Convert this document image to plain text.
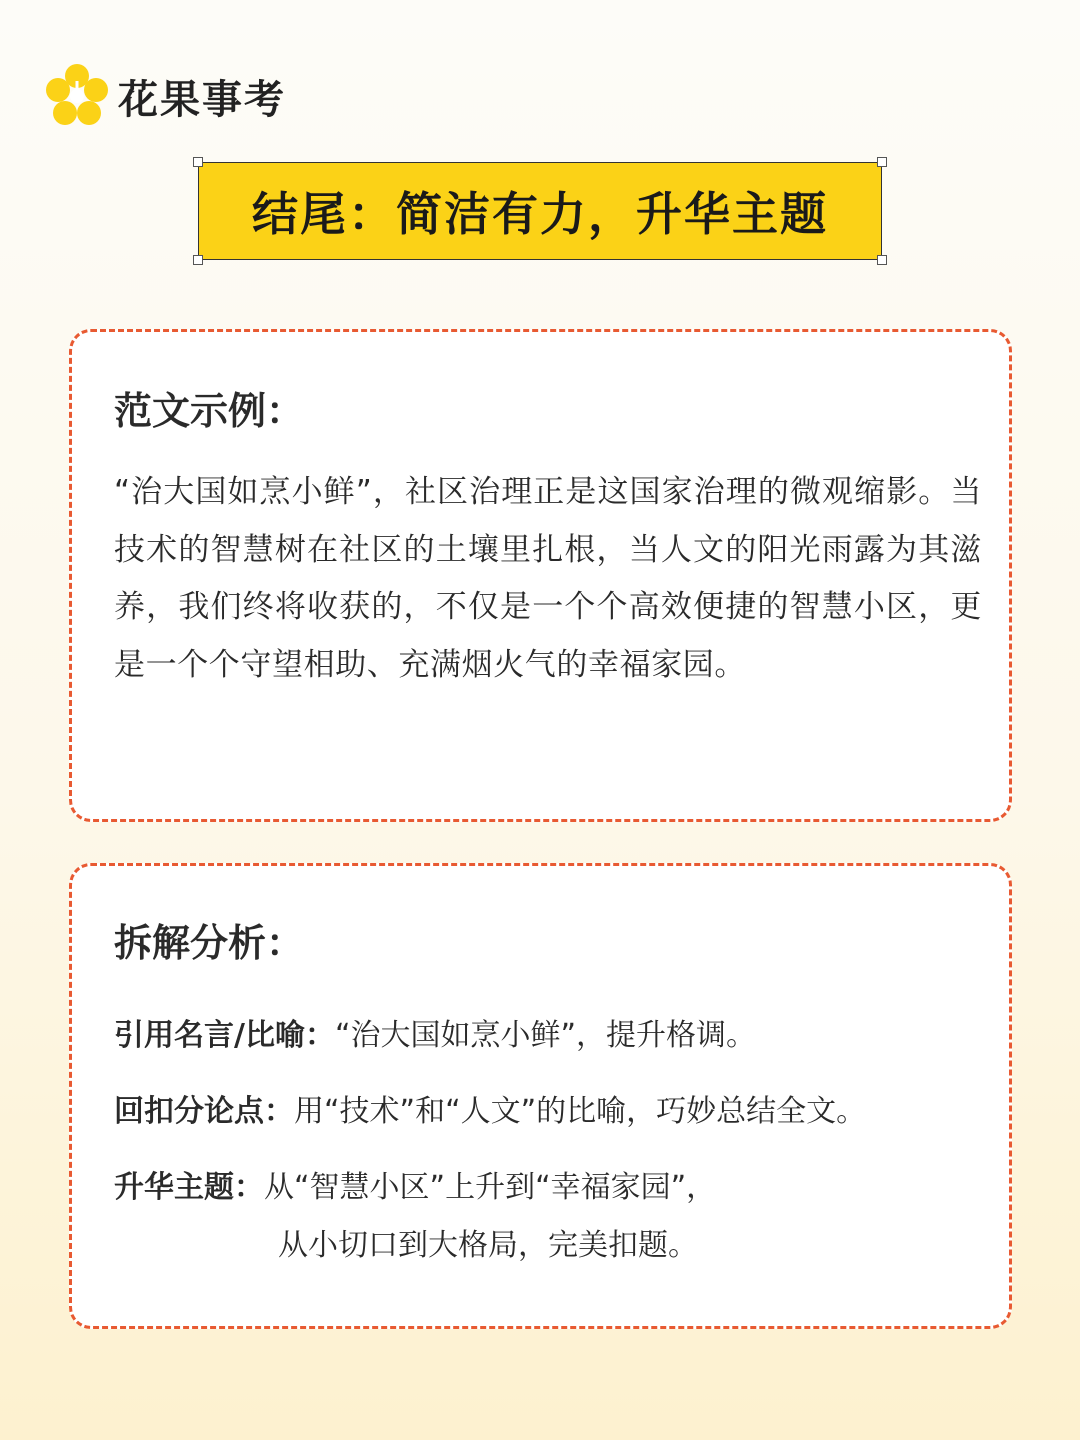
花果事考
结尾：简洁有力，升华主题
范文示例：
“治大国如烹小鲜”，社区治理正是这国家治理的微观缩影。当技术的智慧树在社区的土壤里扎根，当人文的阳光雨露为其滋养，我们终将收获的，不仅是一个个高效便捷的智慧小区，更是一个个守望相助、充满烟火气的幸福家园。
拆解分析：
引用名言/比喻：“治大国如烹小鲜”，提升格调。
回扣分论点：用“技术”和“人文”的比喻，巧妙总结全文。
升华主题：从“智慧小区”上升到“幸福家园”，
从小切口到大格局，完美扣题。
